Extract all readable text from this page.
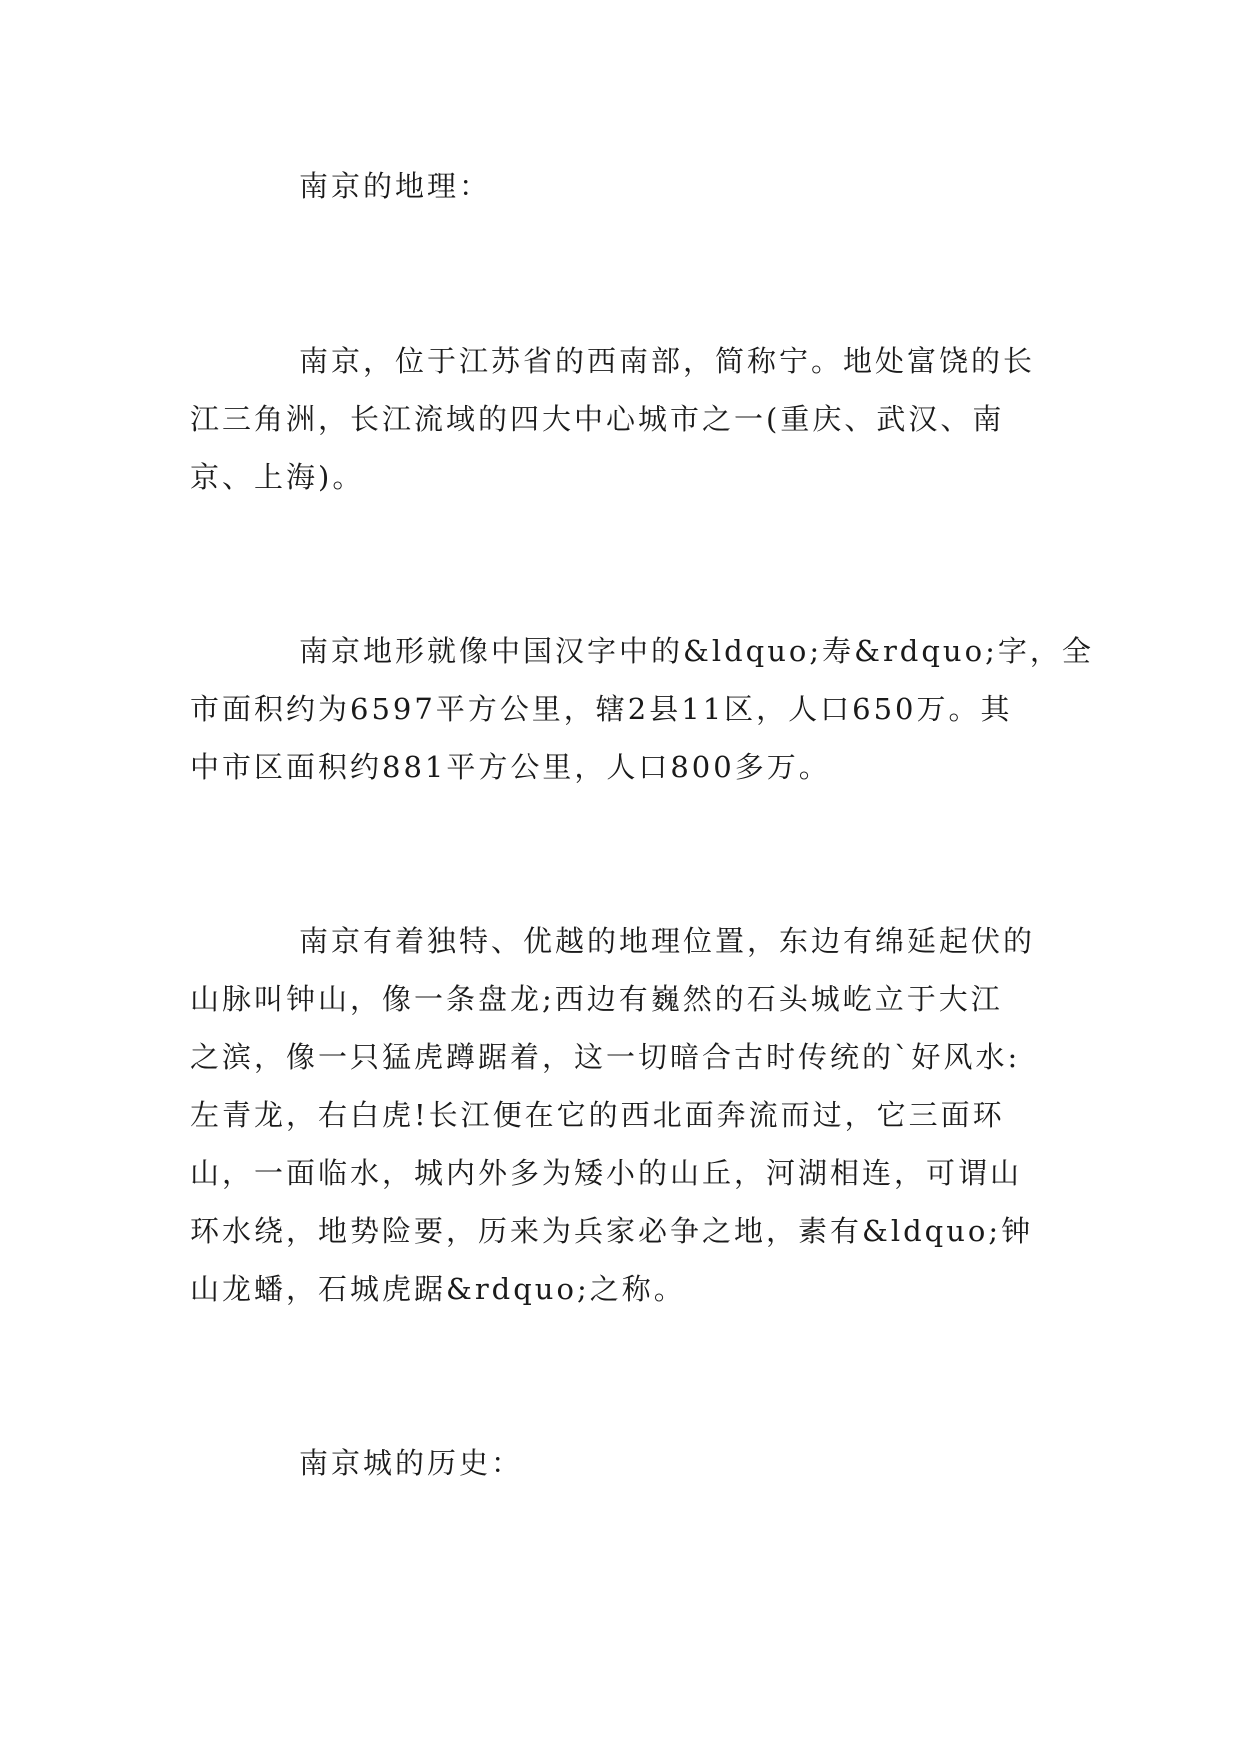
南京的地理：
南京，位于江苏省的西南部，简称宁。地处富饶的长
江三角洲，长江流域的四大中心城市之一(重庆、武汉、南
京、上海)。
南京地形就像中国汉字中的&ldquo;寿&rdquo;字，全
市面积约为6597平方公里，辖2县11区，人口650万。其
中市区面积约881平方公里，人口800多万。
南京有着独特、优越的地理位置，东边有绵延起伏的
山脉叫钟山，像一条盘龙;西边有巍然的石头城屹立于大江
之滨，像一只猛虎蹲踞着，这一切暗合古时传统的`好风水:
左青龙，右白虎!长江便在它的西北面奔流而过，它三面环
山，一面临水，城内外多为矮小的山丘，河湖相连，可谓山
环水绕，地势险要，历来为兵家必争之地，素有&ldquo;钟
山龙蟠，石城虎踞&rdquo;之称。
南京城的历史：
